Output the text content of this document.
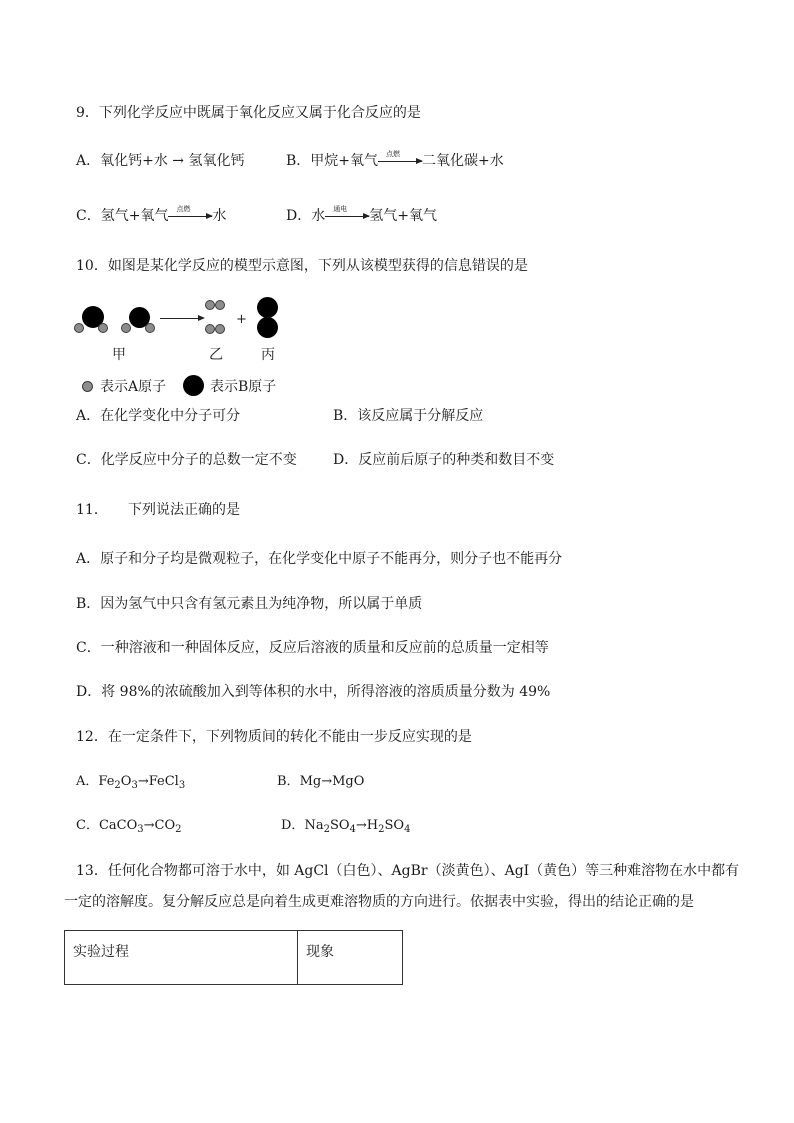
9．下列化学反应中既属于氧化反应又属于化合反应的是
A．氧化钙+水 → 氢氧化钙	B．甲烷+氧气 点燃 二氧化碳+水
C．氢气+氧气 点燃 水	D．水 通电 氢气+氧气
10．如图是某化学反应的模型示意图，下列从该模型获得的信息错误的是
+
甲	乙	丙
表示A原子	表示B原子
A．在化学变化中分子可分	B．该反应属于分解反应
C．化学反应中分子的总数一定不变	D．反应前后原子的种类和数目不变
11． 下列说法正确的是
A．原子和分子均是微观粒子，在化学变化中原子不能再分，则分子也不能再分
B．因为氢气中只含有氢元素且为纯净物，所以属于单质
C．一种溶液和一种固体反应，反应后溶液的质量和反应前的总质量一定相等
D．将 98%的浓硫酸加入到等体积的水中，所得溶液的溶质质量分数为 49%
12．在一定条件下，下列物质间的转化不能由一步反应实现的是
A．$Fe_2O_3\to FeCl_3$	B．Mg→MgO
C．$CaCO_3\to CO_2$	D．$Na_2SO_4\to H_2SO_4$
13．任何化合物都可溶于水中，如 AgCl（白色）、AgBr（淡黄色）、AgI（黄色）等三种难溶物在水中都有
一定的溶解度。复分解反应总是向着生成更难溶物质的方向进行。依据表中实验，得出的结论正确的是
实验过程	现象
